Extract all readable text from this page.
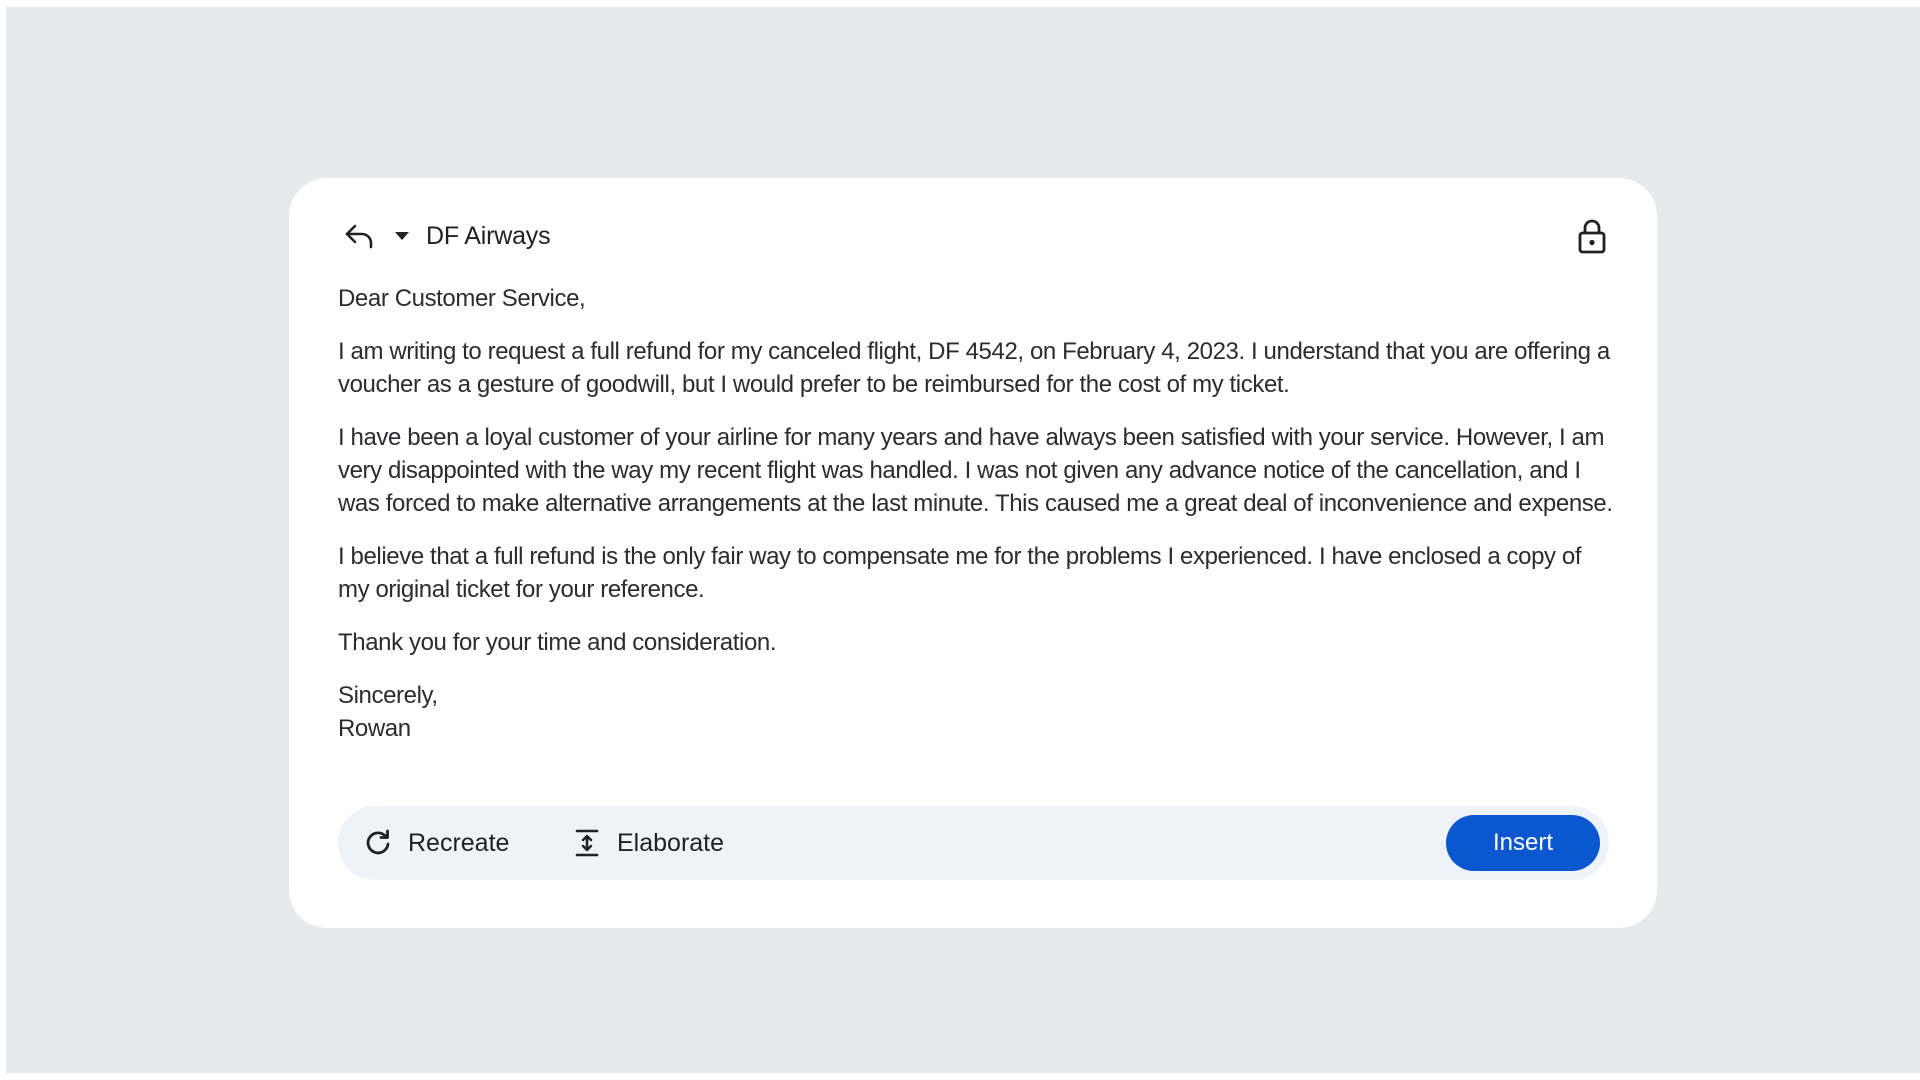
DF Airways

Dear Customer Service,

I am writing to request a full refund for my canceled flight, DF 4542, on February 4, 2023. I understand that you are offering a voucher as a gesture of goodwill, but I would prefer to be reimbursed for the cost of my ticket.

I have been a loyal customer of your airline for many years and have always been satisfied with your service. However, I am very disappointed with the way my recent flight was handled. I was not given any advance notice of the cancellation, and I was forced to make alternative arrangements at the last minute. This caused me a great deal of inconvenience and expense.

I believe that a full refund is the only fair way to compensate me for the problems I experienced. I have enclosed a copy of my original ticket for your reference.

Thank you for your time and consideration.

Sincerely,

Rowan

Recreate	Elaborate	Insert
